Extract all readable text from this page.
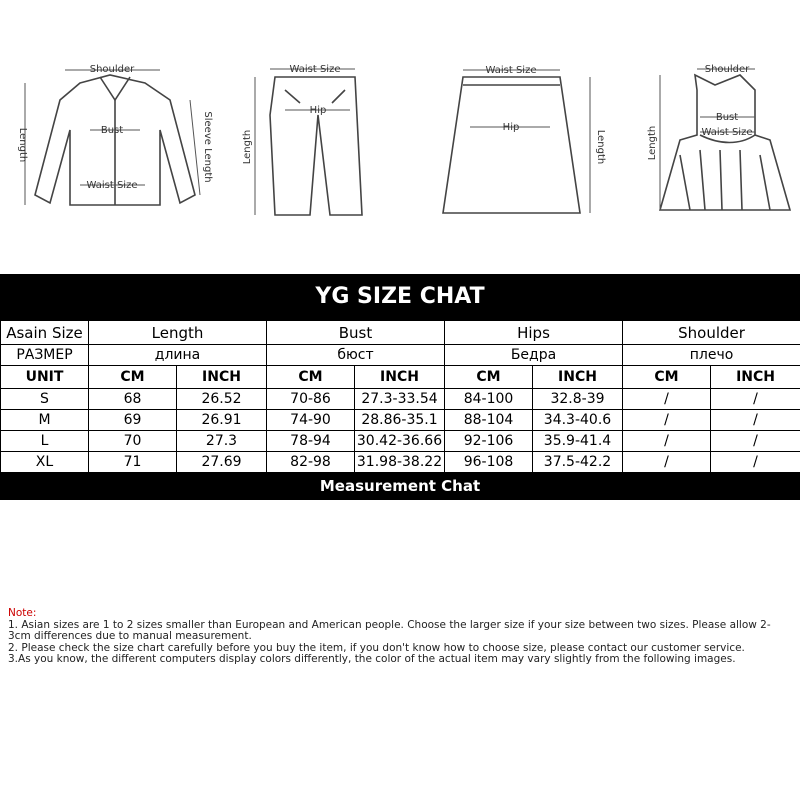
Shoulder
Bust
Waist Size
Length	Sleeve Length
Waist Size
Hip
Length
Waist Size
Hip
Length
Shoulder
Bust
Waist Size
Length
YG SIZE CHAT
Asain Size	Length		Bust		Hips		Shoulder	
РАЗМЕР	длина		бюст		Бедра		плечо	
UNIT	CM	INCH	CM	INCH	CM	INCH	CM	INCH
S	68	26.52	70-86	27.3-33.54	84-100	32.8-39	/	/
M	69	26.91	74-90	28.86-35.1	88-104	34.3-40.6	/	/
L	70	27.3	78-94	30.42-36.66	92-106	35.9-41.4	/	/
XL	71	27.69	82-98	31.98-38.22	96-108	37.5-42.2	/	/
Measurement Chat

Note:

1. Asian sizes are 1 to 2 sizes smaller than European and American people. Choose the larger size if your size between two sizes. Please allow 2-3cm differences due to manual measurement.

2. Please check the size chart carefully before you buy the item, if you don't know how to choose size, please contact our customer service.

3.As you know, the different computers display colors differently, the color of the actual item may vary slightly from the following images.
